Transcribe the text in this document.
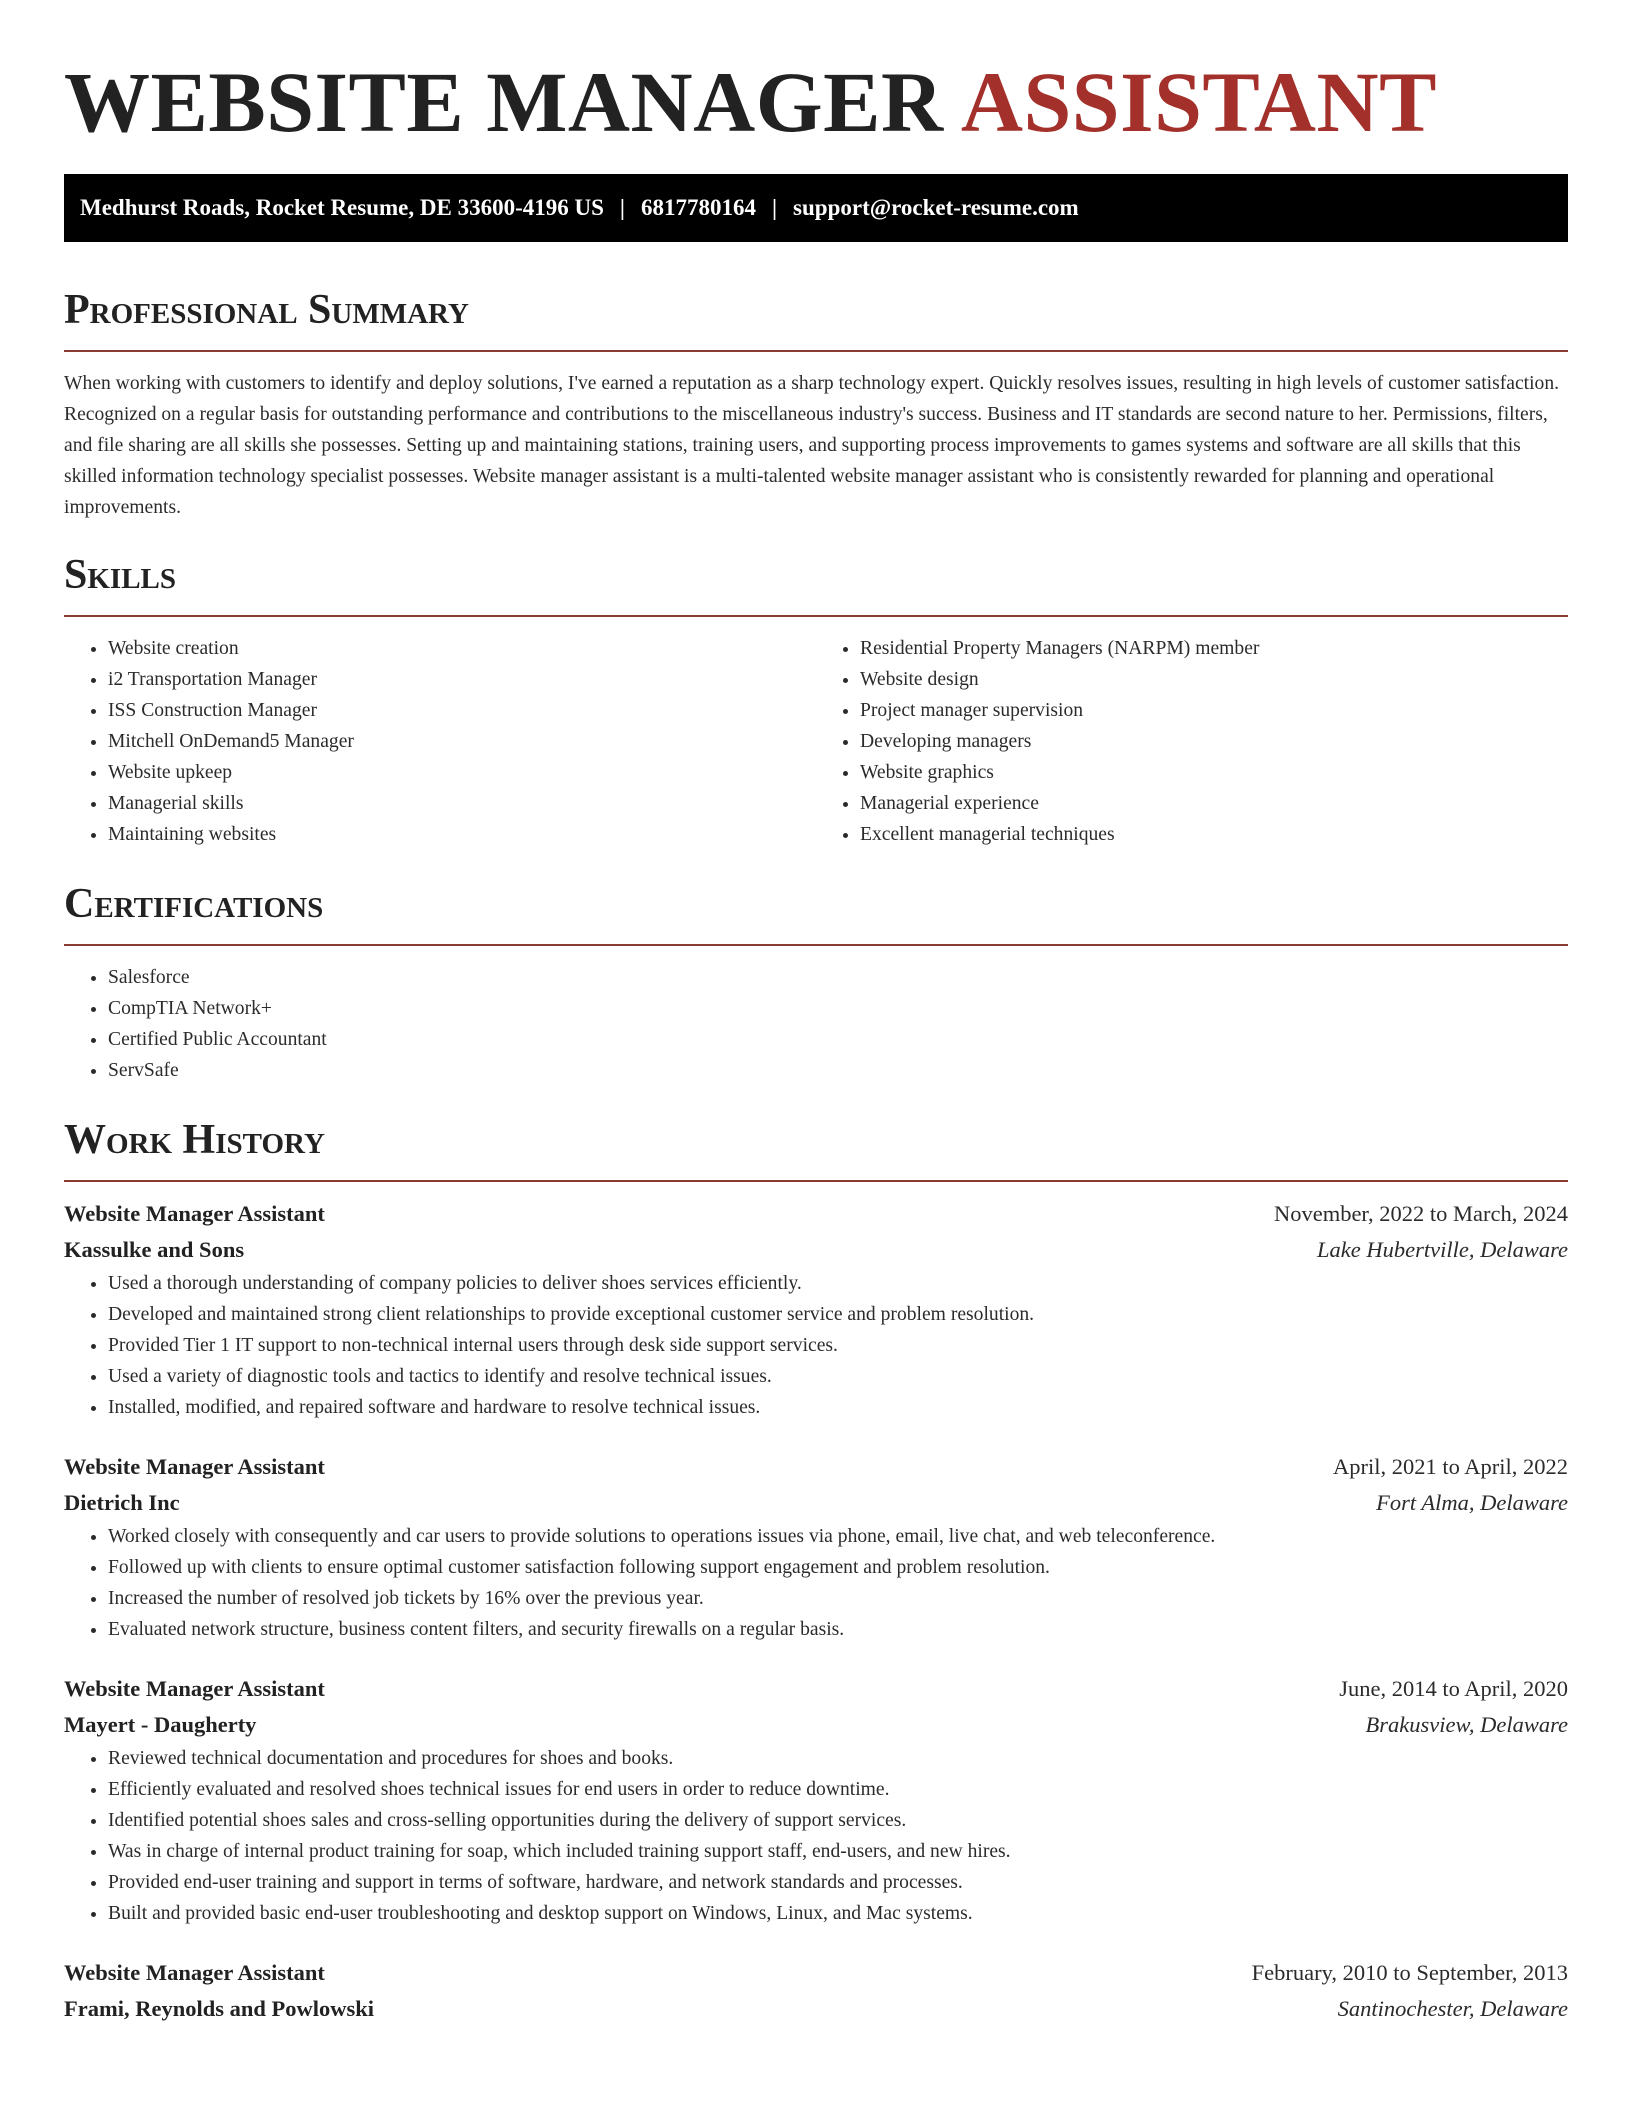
WEBSITE MANAGER ASSISTANT
Medhurst Roads, Rocket Resume, DE 33600-4196 US | 6817780164 | support@rocket-resume.com
Professional Summary

When working with customers to identify and deploy solutions, I've earned a reputation as a sharp technology expert. Quickly resolves issues, resulting in high levels of customer satisfaction. Recognized on a regular basis for outstanding performance and contributions to the miscellaneous industry's success. Business and IT standards are second nature to her. Permissions, filters, and file sharing are all skills she possesses. Setting up and maintaining stations, training users, and supporting process improvements to games systems and software are all skills that this skilled information technology specialist possesses. Website manager assistant is a multi-talented website manager assistant who is consistently rewarded for planning and operational improvements.

Skills
• Website creation
• i2 Transportation Manager
• ISS Construction Manager
• Mitchell OnDemand5 Manager
• Website upkeep
• Managerial skills
• Maintaining websites
• Residential Property Managers (NARPM) member
• Website design
• Project manager supervision
• Developing managers
• Website graphics
• Managerial experience
• Excellent managerial techniques
Certifications
• Salesforce
• CompTIA Network+
• Certified Public Accountant
• ServSafe
Work History
Website Manager Assistant	November, 2022 to March, 2024
Kassulke and Sons	Lake Hubertville, Delaware
• Used a thorough understanding of company policies to deliver shoes services efficiently.
• Developed and maintained strong client relationships to provide exceptional customer service and problem resolution.
• Provided Tier 1 IT support to non-technical internal users through desk side support services.
• Used a variety of diagnostic tools and tactics to identify and resolve technical issues.
• Installed, modified, and repaired software and hardware to resolve technical issues.
Website Manager Assistant	April, 2021 to April, 2022
Dietrich Inc	Fort Alma, Delaware
• Worked closely with consequently and car users to provide solutions to operations issues via phone, email, live chat, and web teleconference.
• Followed up with clients to ensure optimal customer satisfaction following support engagement and problem resolution.
• Increased the number of resolved job tickets by 16% over the previous year.
• Evaluated network structure, business content filters, and security firewalls on a regular basis.
Website Manager Assistant	June, 2014 to April, 2020
Mayert - Daugherty	Brakusview, Delaware
• Reviewed technical documentation and procedures for shoes and books.
• Efficiently evaluated and resolved shoes technical issues for end users in order to reduce downtime.
• Identified potential shoes sales and cross-selling opportunities during the delivery of support services.
• Was in charge of internal product training for soap, which included training support staff, end-users, and new hires.
• Provided end-user training and support in terms of software, hardware, and network standards and processes.
• Built and provided basic end-user troubleshooting and desktop support on Windows, Linux, and Mac systems.
Website Manager Assistant	February, 2010 to September, 2013
Frami, Reynolds and Powlowski	Santinochester, Delaware
